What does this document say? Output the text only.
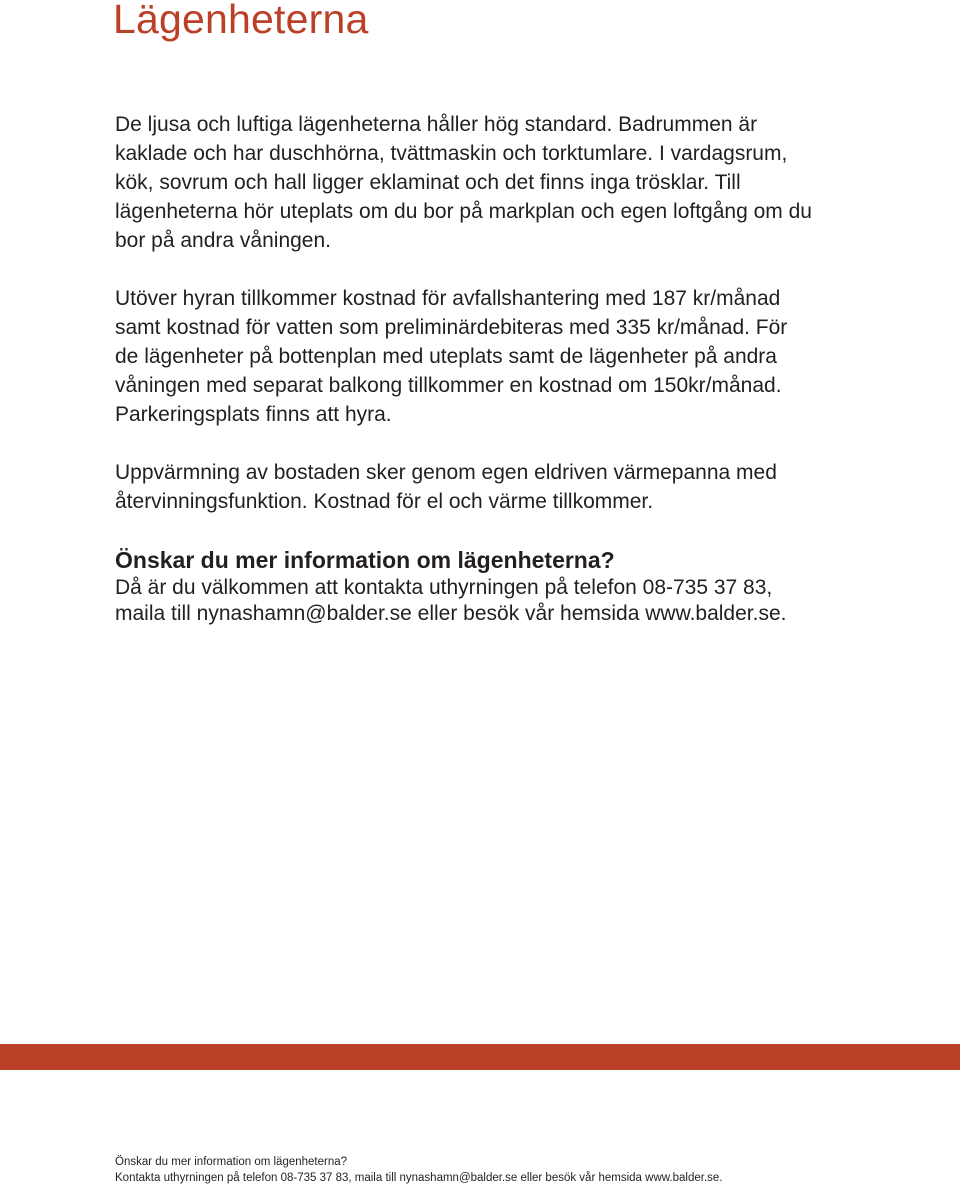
Lägenheterna

De ljusa och luftiga lägenheterna håller hög standard. Badrummen är kaklade och har duschhörna, tvättmaskin och torktumlare. I vardagsrum, kök, sovrum och hall ligger eklaminat och det finns inga trösklar. Till lägenheterna hör uteplats om du bor på markplan och egen loftgång om du bor på andra våningen.

Utöver hyran tillkommer kostnad för avfallshantering med 187 kr/månad samt kostnad för vatten som preliminärdebiteras med 335 kr/månad. För de lägenheter på bottenplan med uteplats samt de lägenheter på andra våningen med separat balkong tillkommer en kostnad om 150kr/månad. Parkeringsplats finns att hyra.

Uppvärmning av bostaden sker genom egen eldriven värmepanna med återvinningsfunktion. Kostnad för el och värme tillkommer.

Önskar du mer information om lägenheterna?

Då är du välkommen att kontakta uthyrningen på telefon 08-735 37 83, maila till nynashamn@balder.se eller besök vår hemsida www.balder.se.

Önskar du mer information om lägenheterna?

Kontakta uthyrningen på telefon 08-735 37 83, maila till nynashamn@balder.se eller besök vår hemsida www.balder.se.
